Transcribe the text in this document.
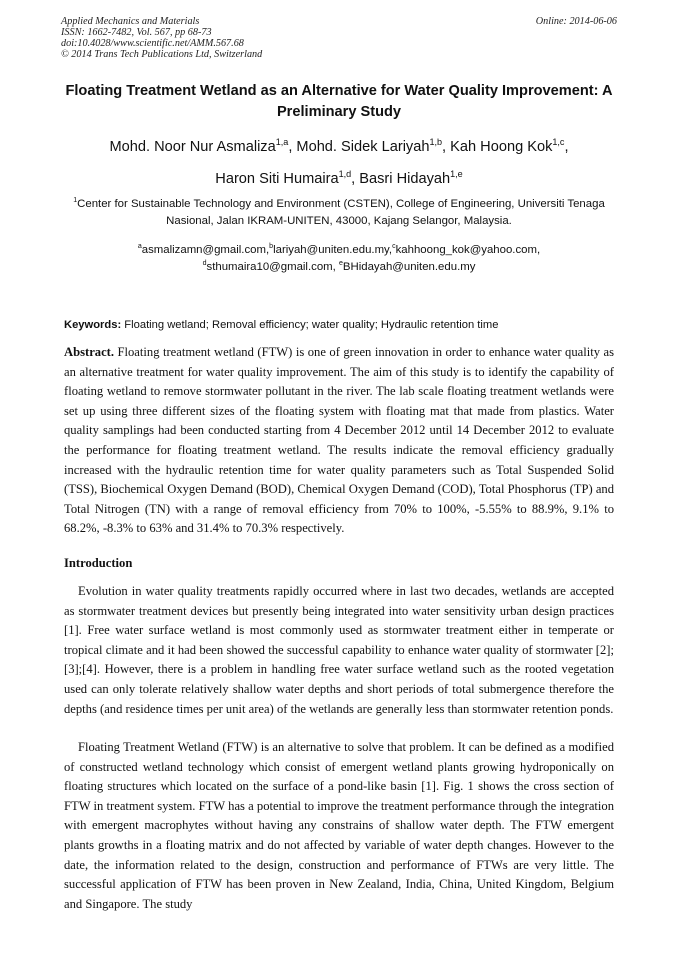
Applied Mechanics and Materials
ISSN: 1662-7482, Vol. 567, pp 68-73
doi:10.4028/www.scientific.net/AMM.567.68
© 2014 Trans Tech Publications Ltd, Switzerland
Online: 2014-06-06
Floating Treatment Wetland as an Alternative for Water Quality Improvement: A Preliminary Study
Mohd. Noor Nur Asmaliza$^{1,a}$, Mohd. Sidek Lariyah$^{1,b}$, Kah Hoong Kok$^{1,c}$,
Haron Siti Humaira$^{1,d}$, Basri Hidayah$^{1,e}$
$^1$Center for Sustainable Technology and Environment (CSTEN), College of Engineering, Universiti Tenaga Nasional, Jalan IKRAM-UNITEN, 43000, Kajang Selangor, Malaysia.
$^a$asmalizamn@gmail.com,$^b$lariyah@uniten.edu.my,$^c$kahhoong_kok@yahoo.com,
$^d$sthumaira10@gmail.com, $^e$BHidayah@uniten.edu.my
Keywords: Floating wetland; Removal efficiency; water quality; Hydraulic retention time

Abstract. Floating treatment wetland (FTW) is one of green innovation in order to enhance water quality as an alternative treatment for water quality improvement. The aim of this study is to identify the capability of floating wetland to remove stormwater pollutant in the river. The lab scale floating treatment wetlands were set up using three different sizes of the floating system with floating mat that made from plastics. Water quality samplings had been conducted starting from 4 December 2012 until 14 December 2012 to evaluate the performance for floating treatment wetland. The results indicate the removal efficiency gradually increased with the hydraulic retention time for water quality parameters such as Total Suspended Solid (TSS), Biochemical Oxygen Demand (BOD), Chemical Oxygen Demand (COD), Total Phosphorus (TP) and Total Nitrogen (TN) with a range of removal efficiency from 70% to 100%, -5.55% to 88.9%, 9.1% to 68.2%, -8.3% to 63% and 31.4% to 70.3% respectively.

Introduction

Evolution in water quality treatments rapidly occurred where in last two decades, wetlands are accepted as stormwater treatment devices but presently being integrated into water sensitivity urban design practices [1]. Free water surface wetland is most commonly used as stormwater treatment either in temperate or tropical climate and it had been showed the successful capability to enhance water quality of stormwater [2];[3];[4]. However, there is a problem in handling free water surface wetland such as the rooted vegetation used can only tolerate relatively shallow water depths and short periods of total submergence therefore the depths (and residence times per unit area) of the wetlands are generally less than stormwater retention ponds.

Floating Treatment Wetland (FTW) is an alternative to solve that problem. It can be defined as a modified of constructed wetland technology which consist of emergent wetland plants growing hydroponically on floating structures which located on the surface of a pond-like basin [1]. Fig. 1 shows the cross section of FTW in treatment system. FTW has a potential to improve the treatment performance through the integration with emergent macrophytes without having any constrains of shallow water depth. The FTW emergent plants growths in a floating matrix and do not affected by variable of water depth changes. However to the date, the information related to the design, construction and performance of FTWs are very little. The successful application of FTW has been proven in New Zealand, India, China, United Kingdom, Belgium and Singapore. The study
